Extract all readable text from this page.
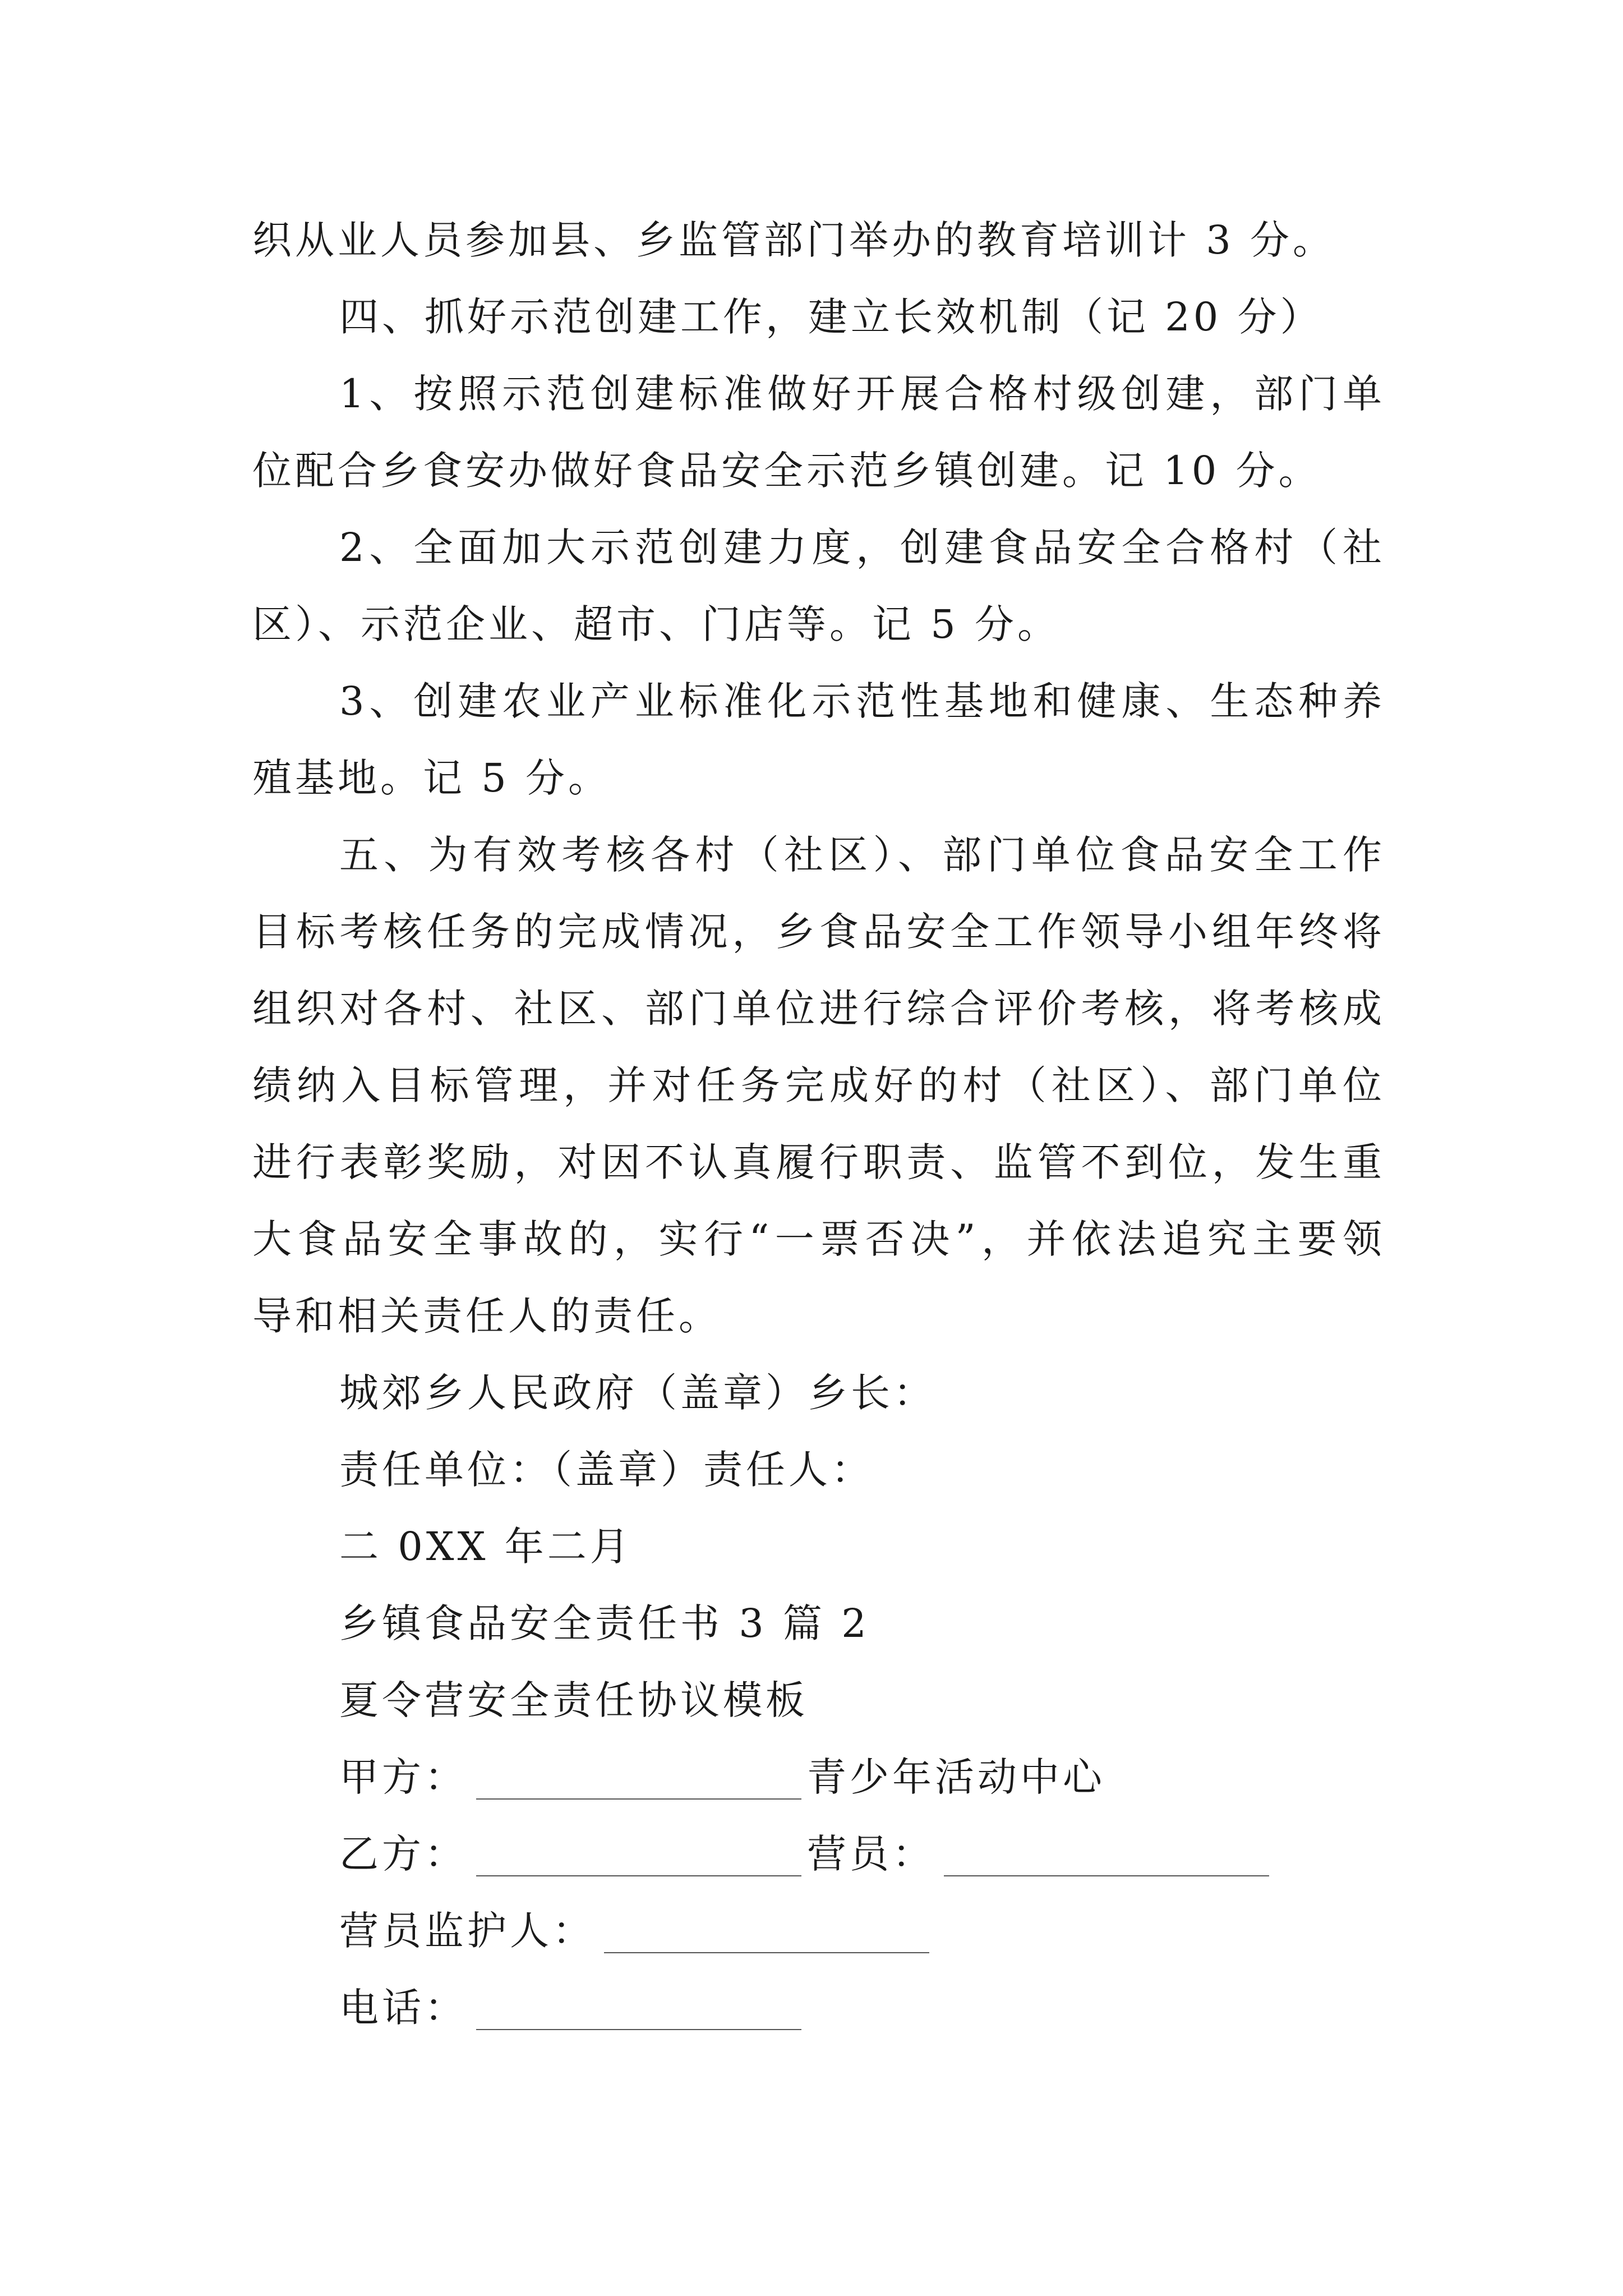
织从业人员参加县、乡监管部门举办的教育培训计 3 分。
四、抓好示范创建工作，建立长效机制（记 20 分）
1、按照示范创建标准做好开展合格村级创建，部门单
位配合乡食安办做好食品安全示范乡镇创建。记 10 分。
2、全面加大示范创建力度，创建食品安全合格村（社
区）、示范企业、超市、门店等。记 5 分。
3、创建农业产业标准化示范性基地和健康、生态种养
殖基地。记 5 分。
五、为有效考核各村（社区）、部门单位食品安全工作
目标考核任务的完成情况，乡食品安全工作领导小组年终将
组织对各村、社区、部门单位进行综合评价考核，将考核成
绩纳入目标管理，并对任务完成好的村（社区）、部门单位
进行表彰奖励，对因不认真履行职责、监管不到位，发生重
大食品安全事故的，实行“一票否决”，并依法追究主要领
导和相关责任人的责任。
城郊乡人民政府（盖章）乡长：
责任单位：（盖章）责任人：
二 0XX 年二月
乡镇食品安全责任书 3 篇 2
夏令营安全责任协议模板
甲方：	青少年活动中心
乙方：	营员：
营员监护人：
电话：
